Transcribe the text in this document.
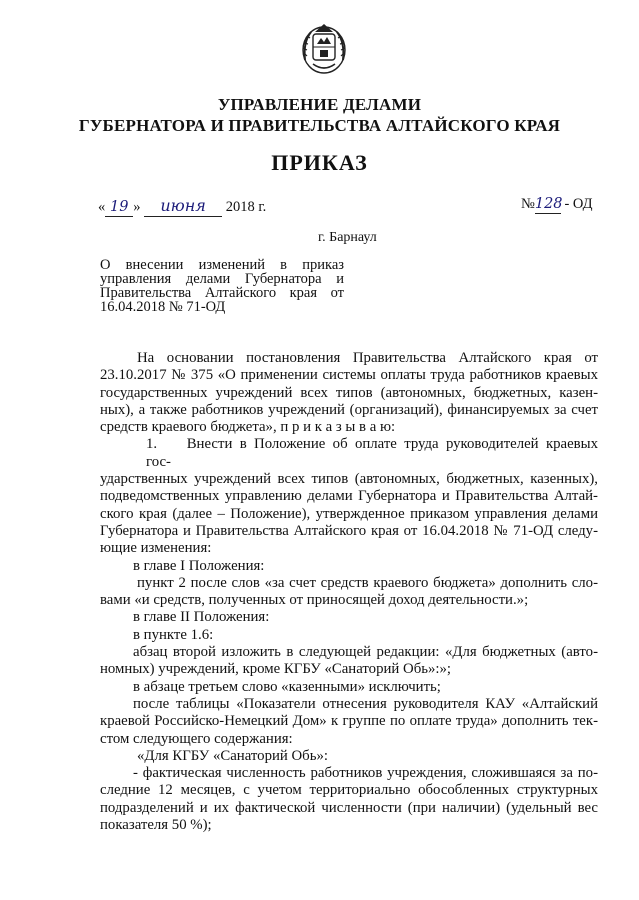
УПРАВЛЕНИЕ ДЕЛАМИ
ГУБЕРНАТОРА И ПРАВИТЕЛЬСТВА АЛТАЙСКОГО КРАЯ
ПРИКАЗ
« 19 » июня 2018 г.	№128 - ОД
г. Барнаул
О внесении изменений в приказ
управления делами Губернатора и
Правительства Алтайского края от
16.04.2018 № 71-ОД
На основании постановления Правительства Алтайского края от
23.10.2017 № 375 «О применении системы оплаты труда работников краевых
государственных учреждений всех типов (автономных, бюджетных, казен-
ных), а также работников учреждений (организаций), финансируемых за счет
средств краевого бюджета», п р и к а з ы в а ю:
1.  Внести в Положение об оплате труда руководителей краевых гос-
ударственных учреждений всех типов (автономных, бюджетных, казенных),
подведомственных управлению делами Губернатора и Правительства Алтай-
ского края (далее – Положение), утвержденное приказом управления делами
Губернатора и Правительства Алтайского края от 16.04.2018 № 71-ОД следу-
ющие изменения:
в главе I Положения:
пункт 2 после слов «за счет средств краевого бюджета» дополнить сло-
вами «и средств, полученных от приносящей доход деятельности.»;
в главе II Положения:
в пункте 1.6:
абзац второй изложить в следующей редакции: «Для бюджетных (авто-
номных) учреждений, кроме КГБУ «Санаторий Обь»:»;
в абзаце третьем слово «казенными» исключить;
после таблицы «Показатели отнесения руководителя КАУ «Алтайский
краевой Российско-Немецкий Дом» к группе по оплате труда» дополнить тек-
стом следующего содержания:
«Для КГБУ «Санаторий Обь»:
- фактическая численность работников учреждения, сложившаяся за по-
следние 12 месяцев, с учетом территориально обособленных структурных
подразделений и их фактической численности (при наличии) (удельный вес
показателя 50 %);
